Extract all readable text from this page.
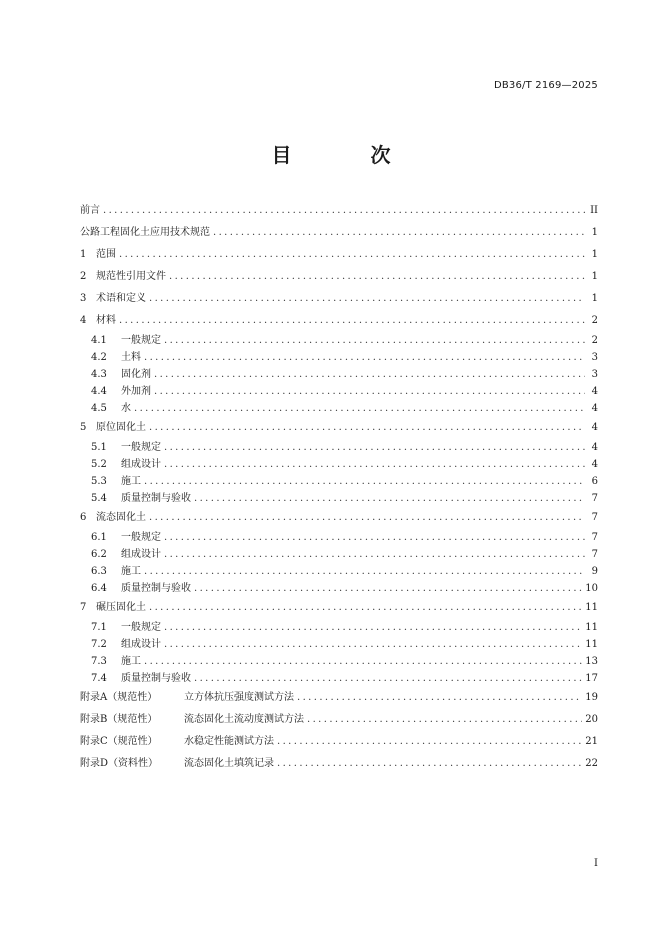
DB36/T 2169—2025
目 次
前言 .....	II
公路工程固化土应用技术规范 .....	1
1 范围 .....	1
2 规范性引用文件 .....	1
3 术语和定义 .....	1
4 材料 .....	2
4.1	一般规定 .....	2
4.2	土料 .....	3
4.3	固化剂 .....	3
4.4	外加剂 .....	4
4.5	水 .....	4
5 原位固化土 .....	4
5.1	一般规定 .....	4
5.2	组成设计 .....	4
5.3	施工 .....	6
5.4	质量控制与验收 .....	7
6 流态固化土 .....	7
6.1	一般规定 .....	7
6.2	组成设计 .....	7
6.3	施工 .....	9
6.4	质量控制与验收 .....	10
7 碾压固化土 .....	11
7.1	一般规定 .....	11
7.2	组成设计 .....	11
7.3	施工 .....	13
7.4	质量控制与验收 .....	17
附录A（规范性）	立方体抗压强度测试方法 .....	19
附录B（规范性）	流态固化土流动度测试方法 .....	20
附录C（规范性）	水稳定性能测试方法 .....	21
附录D（资料性）	流态固化土填筑记录 .....	22
I
